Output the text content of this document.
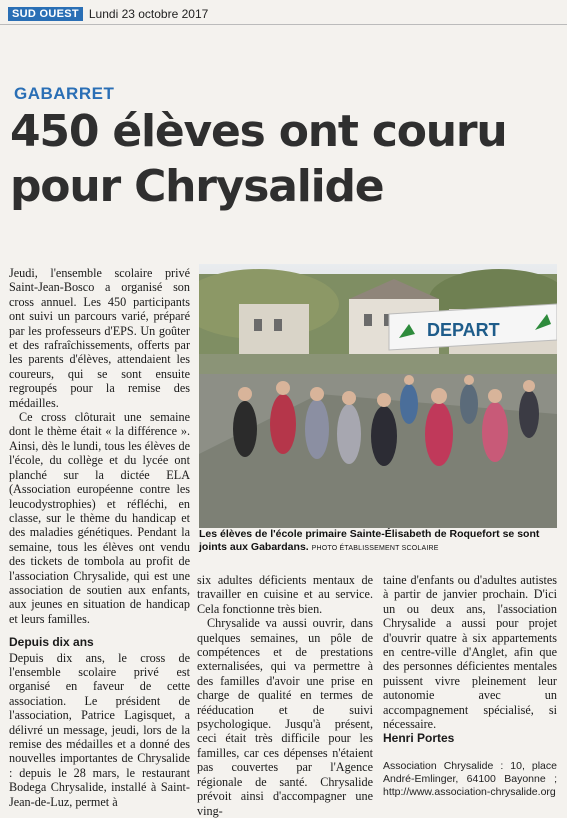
SUD OUEST Lundi 23 octobre 2017
GABARRET
450 élèves ont couru
pour Chrysalide

Jeudi, l'ensemble scolaire privé Saint-Jean-Bosco a organisé son cross annuel. Les 450 participants ont suivi un parcours varié, préparé par les professeurs d'EPS. Un goûter et des rafraîchissements, offerts par les parents d'élèves, attendaient les coureurs, qui se sont ensuite regroupés pour la remise des médailles.

Ce cross clôturait une semaine dont le thème était « la différence ». Ainsi, dès le lundi, tous les élèves de l'école, du collège et du lycée ont planché sur la dictée ELA (Association européenne contre les leucodystrophies) et réfléchi, en classe, sur le thème du handicap et des maladies génétiques. Pendant la semaine, tous les élèves ont vendu des tickets de tombola au profit de l'association Chrysalide, qui est une association de soutien aux enfants, aux jeunes en situation de handicap et leurs familles.

Depuis dix ans

Depuis dix ans, le cross de l'ensemble scolaire privé est organisé en faveur de cette association. Le président de l'association, Patrice Lagisquet, a délivré un message, jeudi, lors de la remise des médailles et a donné des nouvelles importantes de Chrysalide : depuis le 28 mars, le restaurant Bodega Chrysalide, installé à Saint-Jean-de-Luz, permet à

DEPART
Les élèves de l'école primaire Sainte-Élisabeth de Roquefort se sont joints aux Gabardans. PHOTO ÉTABLISSEMENT SCOLAIRE

six adultes déficients mentaux de travailler en cuisine et au service. Cela fonctionne très bien.

Chrysalide va aussi ouvrir, dans quelques semaines, un pôle de compétences et de prestations externalisées, qui va permettre à des familles d'avoir une prise en charge de qualité en termes de rééducation et de suivi psychologique. Jusqu'à présent, ceci était très difficile pour les familles, car ces dépenses n'étaient pas couvertes par l'Agence régionale de santé. Chrysalide prévoit ainsi d'accompagner une ving-

taine d'enfants ou d'adultes autistes à partir de janvier prochain. D'ici un ou deux ans, l'association Chrysalide a aussi pour projet d'ouvrir quatre à six appartements en centre-ville d'Anglet, afin que des personnes déficientes mentales puissent vivre pleinement leur autonomie avec un accompagnement spécialisé, si nécessaire.

Henri Portes
Association Chrysalide : 10, place André-Emlinger, 64100 Bayonne ; http://www.association-chrysalide.org
